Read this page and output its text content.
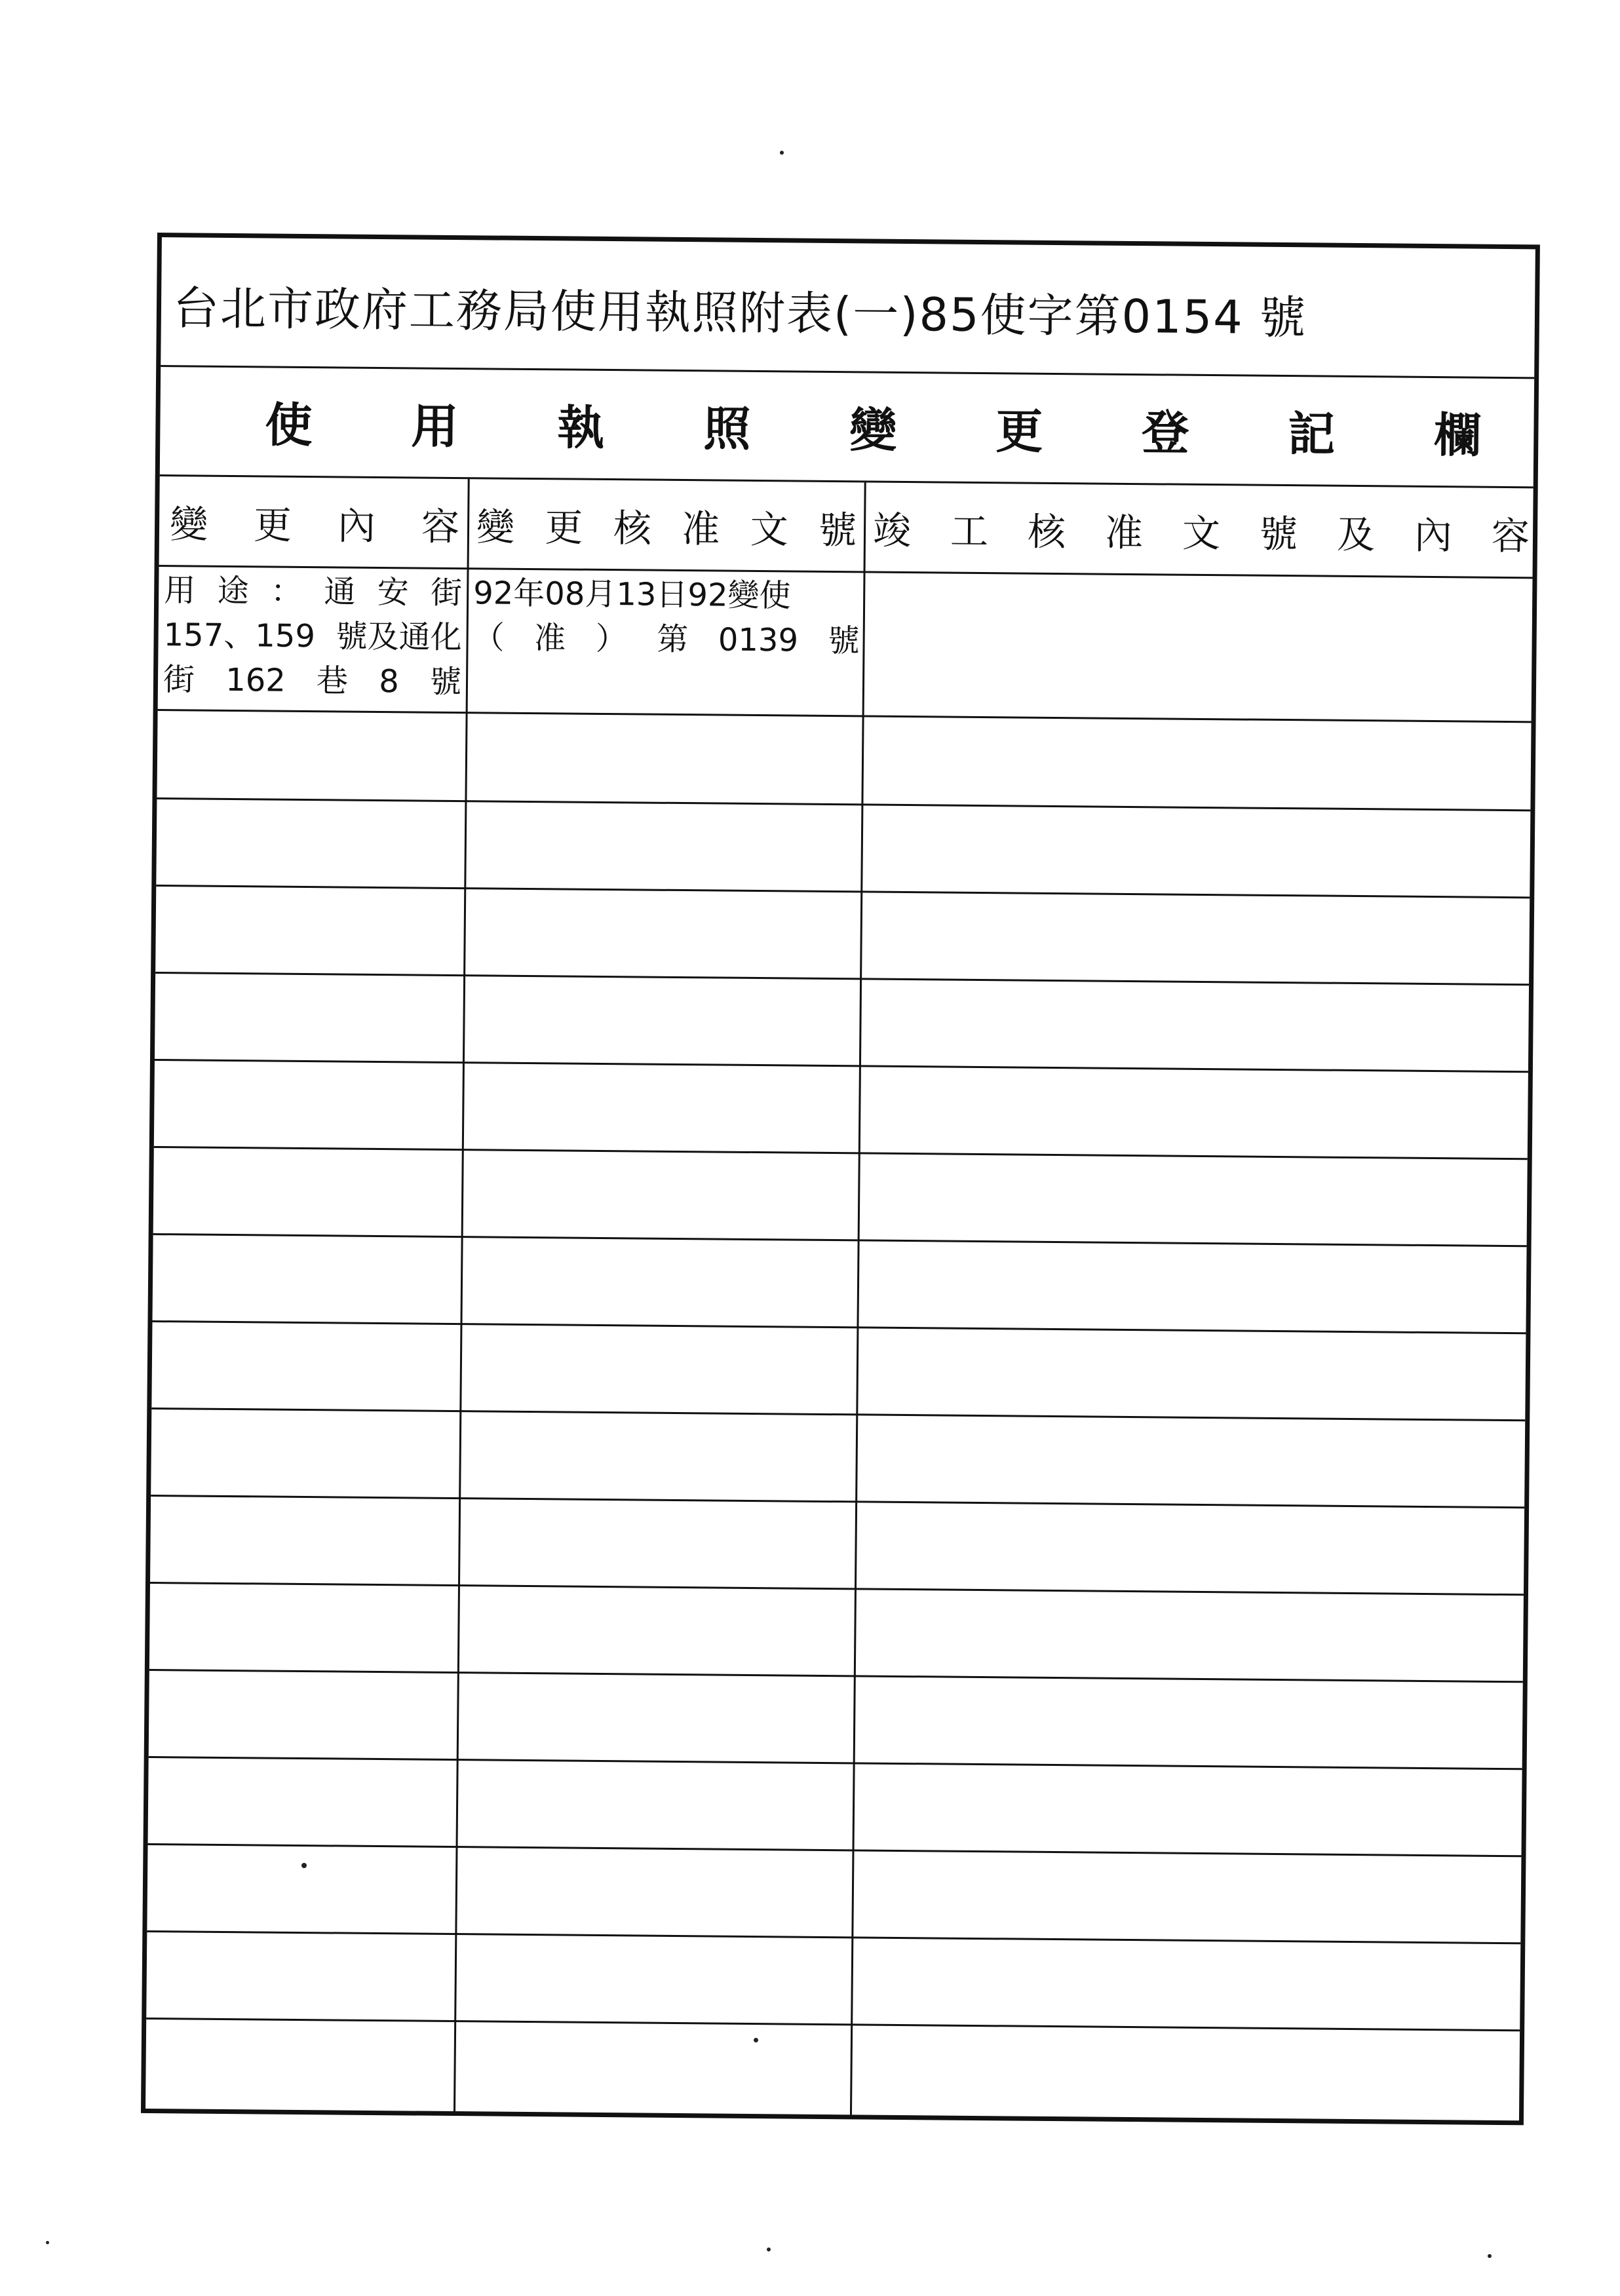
台北市政府工務局使用執照附表(一)85使字第0154 號
使 用 執 照 變 更 登 記 欄
變 更 內 容 變 更 核 准 文 號 竣 工 核 准 文 號 及 內 容
用 途 ： 通 安 街
157、159 號及通化
街 162 巷 8 號
92年08月13日92變使
（ 准 ） 第 0139 號
